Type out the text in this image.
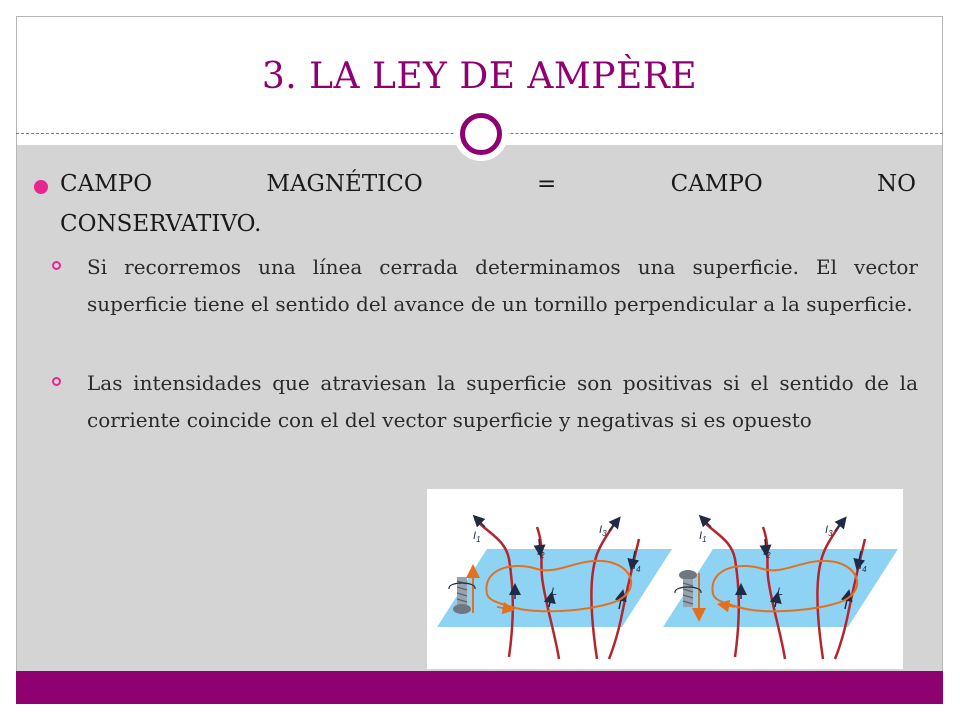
3. LA LEY DE AMPÈRE
CAMPO MAGNÉTICO = CAMPO NO
CONSERVATIVO.
Si recorremos una línea cerrada determinamos una superficie. El vector superficie tiene el sentido del avance de un tornillo perpendicular a la superficie.
Las intensidades que atraviesan la superficie son positivas si el sentido de la corriente coincide con el del vector superficie y negativas si es opuesto
$I_1$
$I_2$
$I_3$
$I_4$
L
$I_1$
$I_2$
$I_3$
$I_4$
L
